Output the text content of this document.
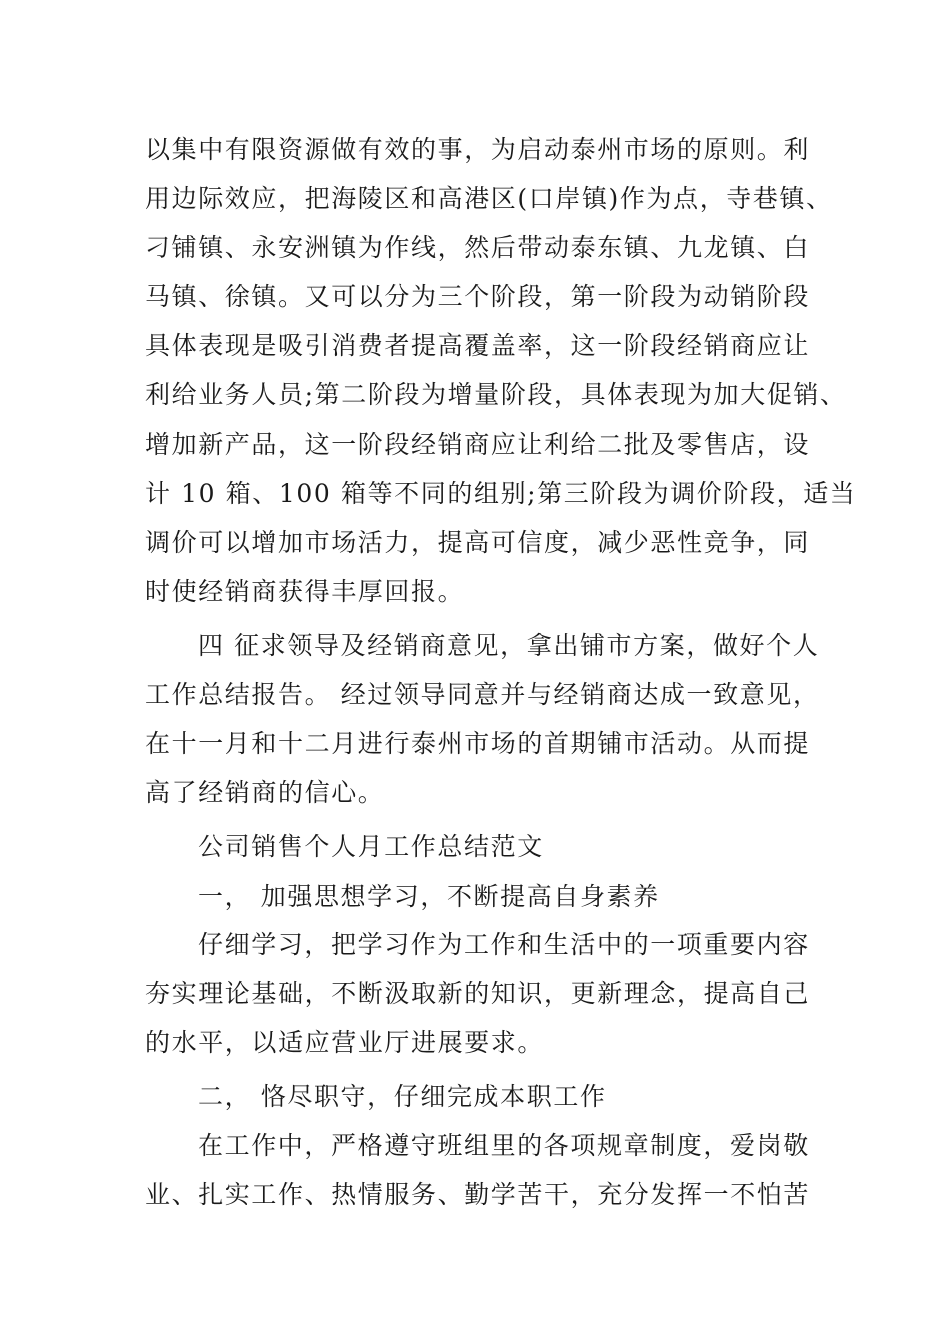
以集中有限资源做有效的事，为启动泰州市场的原则。利
用边际效应，把海陵区和高港区(口岸镇)作为点，寺巷镇、
刁铺镇、永安洲镇为作线，然后带动泰东镇、九龙镇、白
马镇、徐镇。又可以分为三个阶段，第一阶段为动销阶段
具体表现是吸引消费者提高覆盖率，这一阶段经销商应让
利给业务人员;第二阶段为增量阶段，具体表现为加大促销、
增加新产品，这一阶段经销商应让利给二批及零售店，设
计 10 箱、100 箱等不同的组别;第三阶段为调价阶段，适当
调价可以增加市场活力，提高可信度，减少恶性竞争，同
时使经销商获得丰厚回报。
四 征求领导及经销商意见，拿出铺市方案，做好个人
工作总结报告。 经过领导同意并与经销商达成一致意见，
在十一月和十二月进行泰州市场的首期铺市活动。从而提
高了经销商的信心。
公司销售个人月工作总结范文
一， 加强思想学习，不断提高自身素养
仔细学习，把学习作为工作和生活中的一项重要内容
夯实理论基础，不断汲取新的知识，更新理念，提高自己
的水平，以适应营业厅进展要求。
二， 恪尽职守，仔细完成本职工作
在工作中，严格遵守班组里的各项规章制度，爱岗敬
业、扎实工作、热情服务、勤学苦干，充分发挥一不怕苦
